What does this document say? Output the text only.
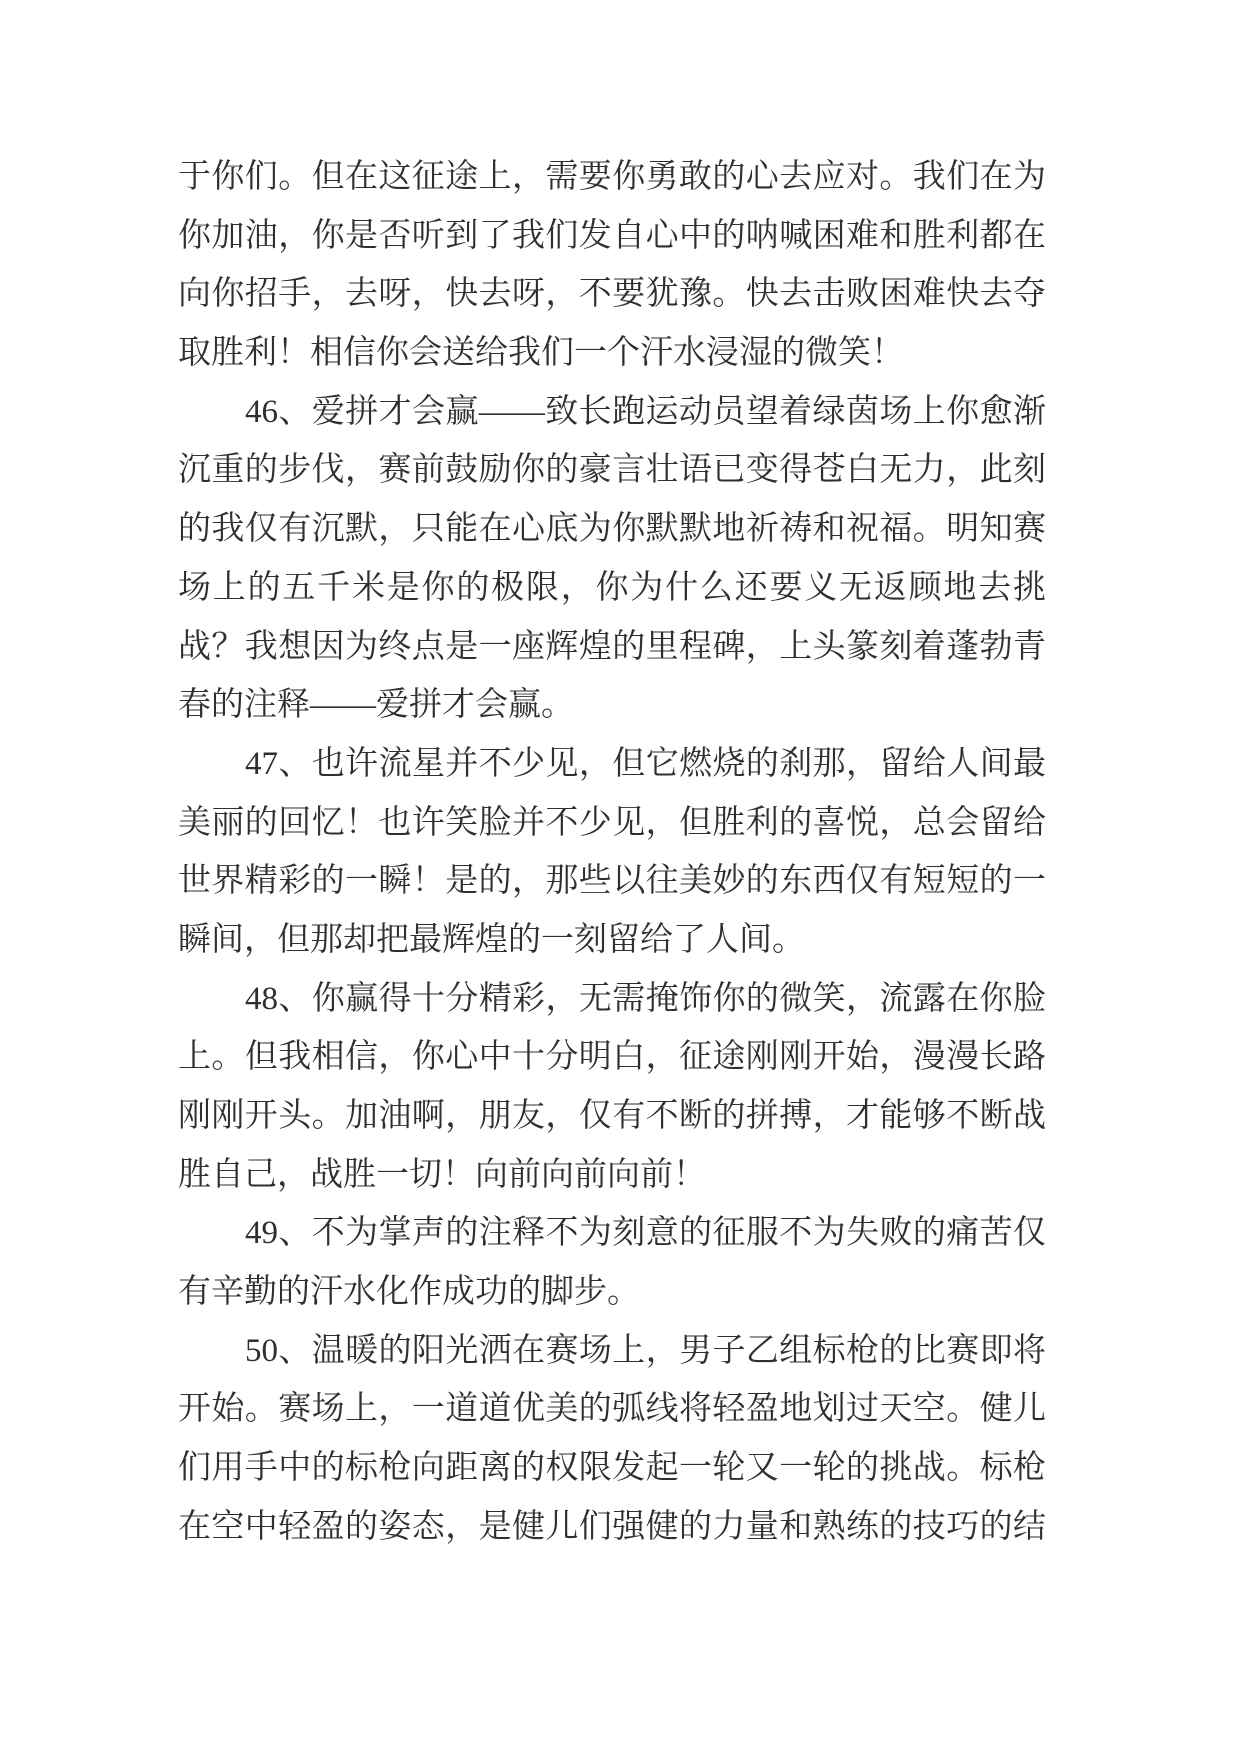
于你们。但在这征途上，需要你勇敢的心去应对。我们在为
你加油，你是否听到了我们发自心中的呐喊困难和胜利都在
向你招手，去呀，快去呀，不要犹豫。快去击败困难快去夺
取胜利！相信你会送给我们一个汗水浸湿的微笑！
46、爱拼才会赢——致长跑运动员望着绿茵场上你愈渐
沉重的步伐，赛前鼓励你的豪言壮语已变得苍白无力，此刻
的我仅有沉默，只能在心底为你默默地祈祷和祝福。明知赛
场上的五千米是你的极限，你为什么还要义无返顾地去挑
战？我想因为终点是一座辉煌的里程碑，上头篆刻着蓬勃青
春的注释——爱拼才会赢。
47、也许流星并不少见，但它燃烧的刹那，留给人间最
美丽的回忆！也许笑脸并不少见，但胜利的喜悦，总会留给
世界精彩的一瞬！是的，那些以往美妙的东西仅有短短的一
瞬间，但那却把最辉煌的一刻留给了人间。
48、你赢得十分精彩，无需掩饰你的微笑，流露在你脸
上。但我相信，你心中十分明白，征途刚刚开始，漫漫长路
刚刚开头。加油啊，朋友，仅有不断的拼搏，才能够不断战
胜自己，战胜一切！向前向前向前！
49、不为掌声的注释不为刻意的征服不为失败的痛苦仅
有辛勤的汗水化作成功的脚步。
50、温暖的阳光洒在赛场上，男子乙组标枪的比赛即将
开始。赛场上，一道道优美的弧线将轻盈地划过天空。健儿
们用手中的标枪向距离的权限发起一轮又一轮的挑战。标枪
在空中轻盈的姿态，是健儿们强健的力量和熟练的技巧的结
